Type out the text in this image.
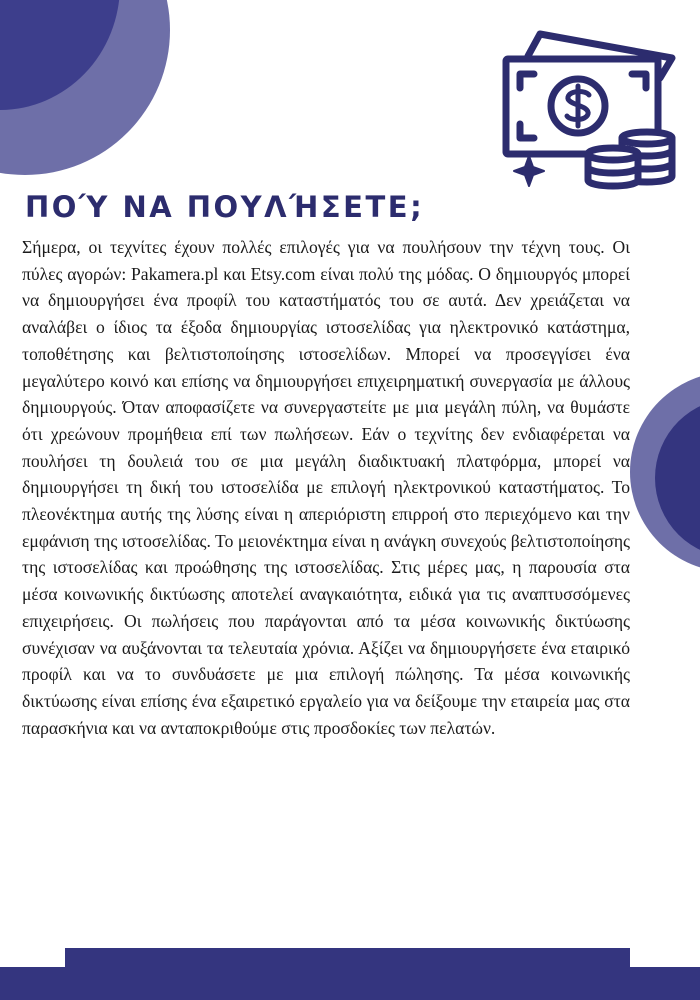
ΠΟΎ ΝΑ ΠΟΥΛΉΣΕΤΕ;

Σήμερα, οι τεχνίτες έχουν πολλές επιλογές για να πουλήσουν την τέχνη τους. Οι πύλες αγορών: Pakamera.pl και Etsy.com είναι πολύ της μόδας. Ο δημιουργός μπορεί να δημιουργήσει ένα προφίλ του καταστήματός του σε αυτά. Δεν χρειάζεται να αναλάβει ο ίδιος τα έξοδα δημιουργίας ιστοσελίδας για ηλεκτρονικό κατάστημα, τοποθέτησης και βελτιστοποίησης ιστοσελίδων. Μπορεί να προσεγγίσει ένα μεγαλύτερο κοινό και επίσης να δημιουργήσει επιχειρηματική συνεργασία με άλλους δημιουργούς. Όταν αποφασίζετε να συνεργαστείτε με μια μεγάλη πύλη, να θυμάστε ότι χρεώνουν προμήθεια επί των πωλήσεων. Εάν ο τεχνίτης δεν ενδιαφέρεται να πουλήσει τη δουλειά του σε μια μεγάλη διαδικτυακή πλατφόρμα, μπορεί να δημιουργήσει τη δική του ιστοσελίδα με επιλογή ηλεκτρονικού καταστήματος. Το πλεονέκτημα αυτής της λύσης είναι η απεριόριστη επιρροή στο περιεχόμενο και την εμφάνιση της ιστοσελίδας. Το μειονέκτημα είναι η ανάγκη συνεχούς βελτιστοποίησης της ιστοσελίδας και προώθησης της ιστοσελίδας. Στις μέρες μας, η παρουσία στα μέσα κοινωνικής δικτύωσης αποτελεί αναγκαιότητα, ειδικά για τις αναπτυσσόμενες επιχειρήσεις. Οι πωλήσεις που παράγονται από τα μέσα κοινωνικής δικτύωσης συνέχισαν να αυξάνονται τα τελευταία χρόνια. Αξίζει να δημιουργήσετε ένα εταιρικό προφίλ και να το συνδυάσετε με μια επιλογή πώλησης. Τα μέσα κοινωνικής δικτύωσης είναι επίσης ένα εξαιρετικό εργαλείο για να δείξουμε την εταιρεία μας στα παρασκήνια και να ανταποκριθούμε στις προσδοκίες των πελατών.
